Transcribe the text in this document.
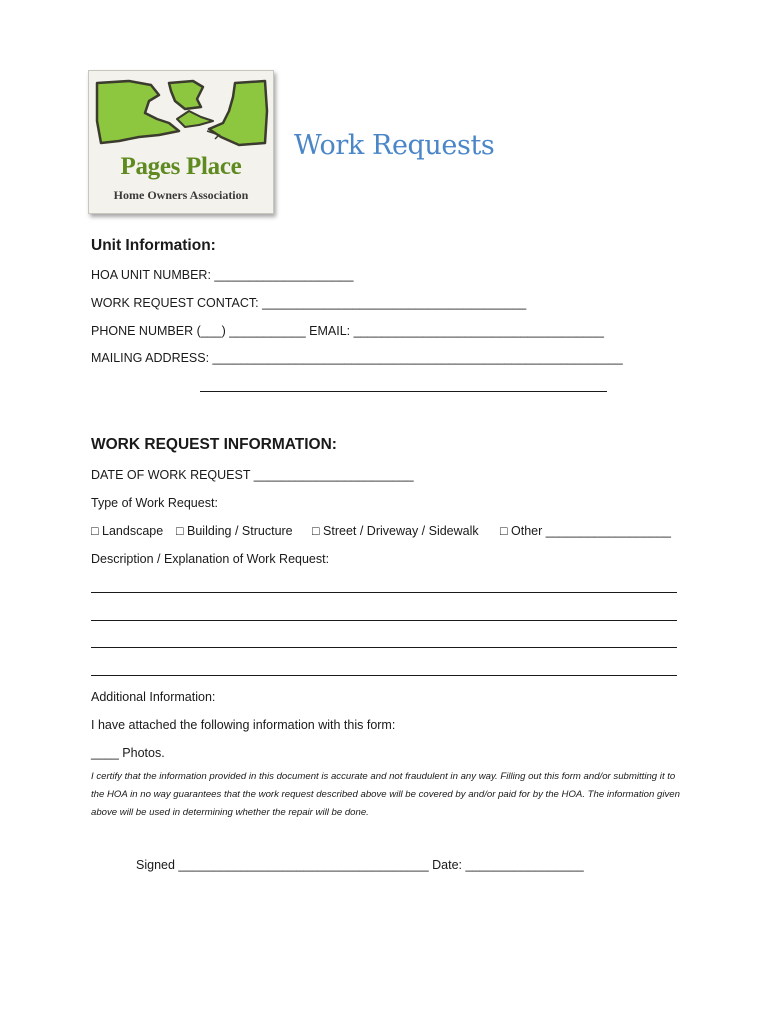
Pages Place
Home Owners Association
Work Requests
Unit Information:
HOA UNIT NUMBER: ____________________
WORK REQUEST CONTACT: ______________________________________
PHONE NUMBER (___) ___________ EMAIL: ____________________________________
MAILING ADDRESS: ___________________________________________________________
WORK REQUEST INFORMATION:
DATE OF WORK REQUEST _______________________
Type of Work Request:
□ Landscape □ Building / Structure □ Street / Driveway / Sidewalk □ Other __________________
Description / Explanation of Work Request:
Additional Information:
I have attached the following information with this form:
____ Photos.
I certify that the information provided in this document is accurate and not fraudulent in any way. Filling out this form and/or submitting it to the HOA in no way guarantees that the work request described above will be covered by and/or paid for by the HOA. The information given above will be used in determining whether the repair will be done.
Signed ____________________________________ Date: _________________
